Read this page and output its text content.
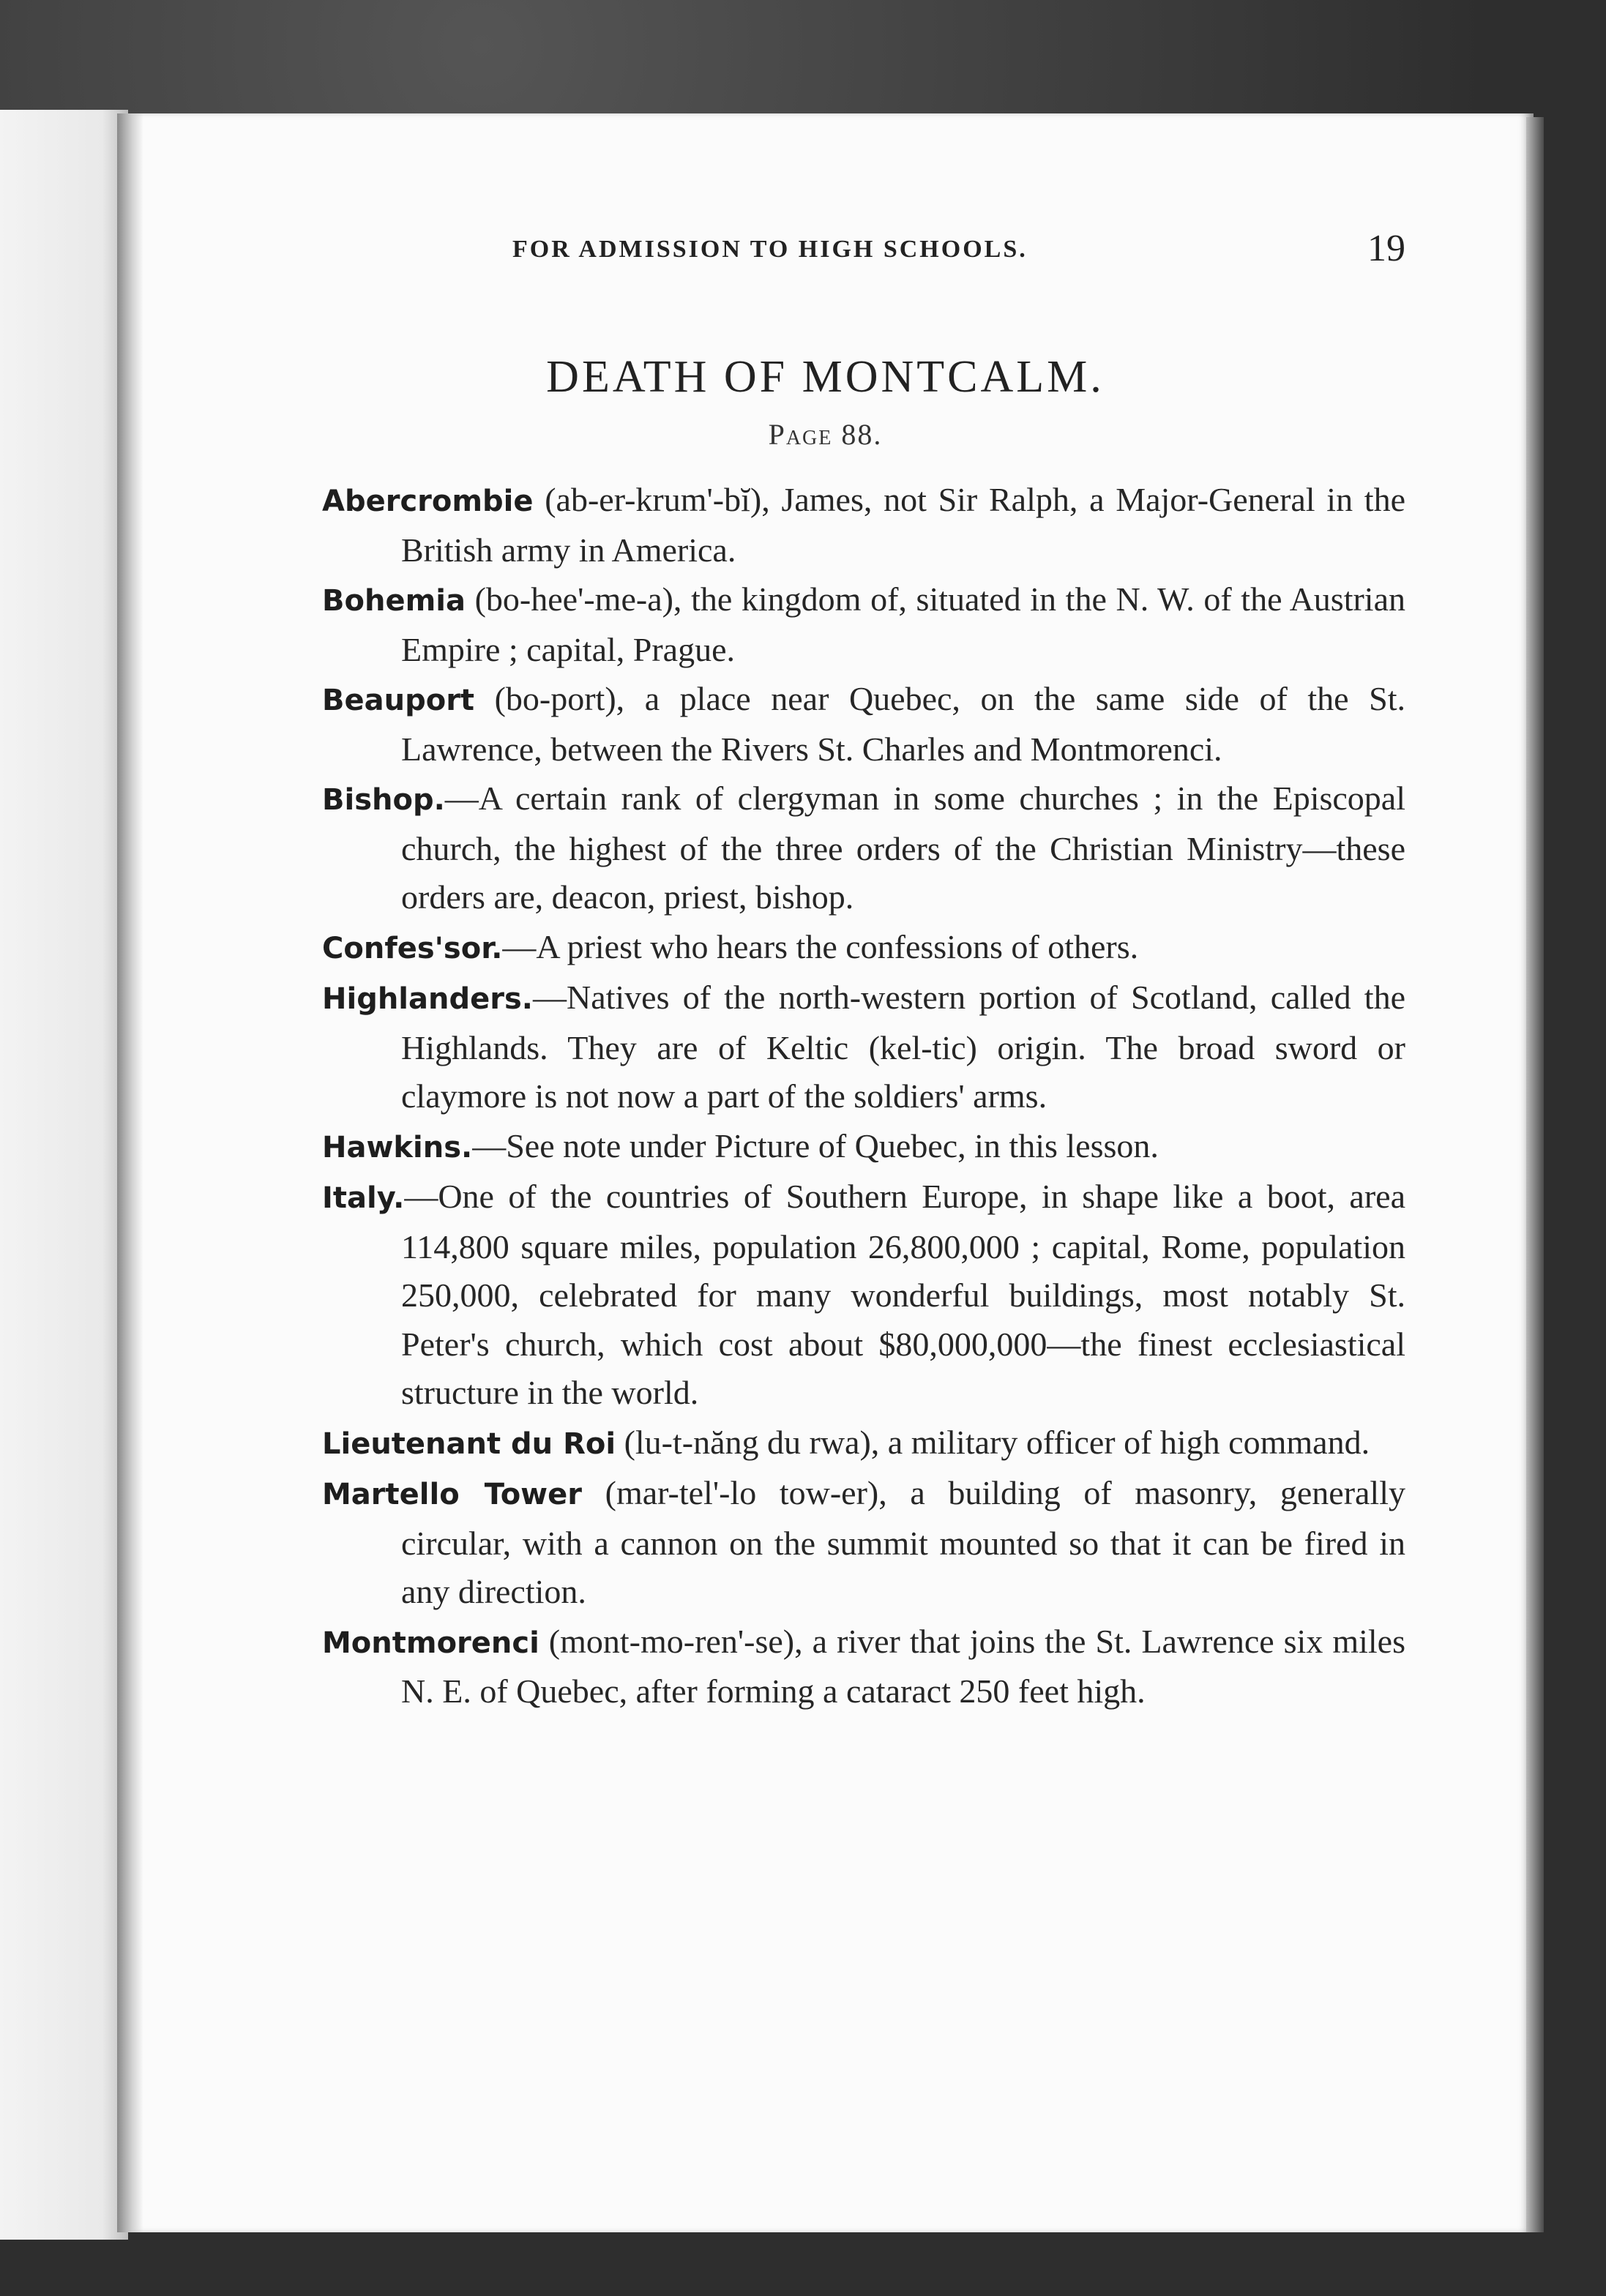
FOR ADMISSION TO HIGH SCHOOLS.	19
DEATH OF MONTCALM.
Page 88.

Abercrombie (ab-er-krum'-bĭ), James, not Sir Ralph, a Major-General in the British army in America.

Bohemia (bo-hee'-me-a), the kingdom of, situated in the N. W. of the Austrian Empire ; capital, Prague.

Beauport (bo-port), a place near Quebec, on the same side of the St. Lawrence, between the Rivers St. Charles and Montmorenci.

Bishop.—A certain rank of clergyman in some churches ; in the Episcopal church, the highest of the three orders of the Christian Ministry—these orders are, deacon, priest, bishop.

Confes'sor.—A priest who hears the confessions of others.

Highlanders.—Natives of the north-western portion of Scotland, called the Highlands. They are of Keltic (kel-tic) origin. The broad sword or claymore is not now a part of the soldiers' arms.

Hawkins.—See note under Picture of Quebec, in this lesson.

Italy.—One of the countries of Southern Europe, in shape like a boot, area 114,800 square miles, population 26,800,000 ; capital, Rome, population 250,000, celebrated for many wonderful buildings, most notably St. Peter's church, which cost about $80,000,000—the finest ecclesiastical structure in the world.

Lieutenant du Roi (lu-t-năng du rwa), a military officer of high command.

Martello Tower (mar-tel'-lo tow-er), a building of masonry, generally circular, with a cannon on the summit mounted so that it can be fired in any direction.

Montmorenci (mont-mo-ren'-se), a river that joins the St. Lawrence six miles N. E. of Quebec, after forming a cataract 250 feet high.
